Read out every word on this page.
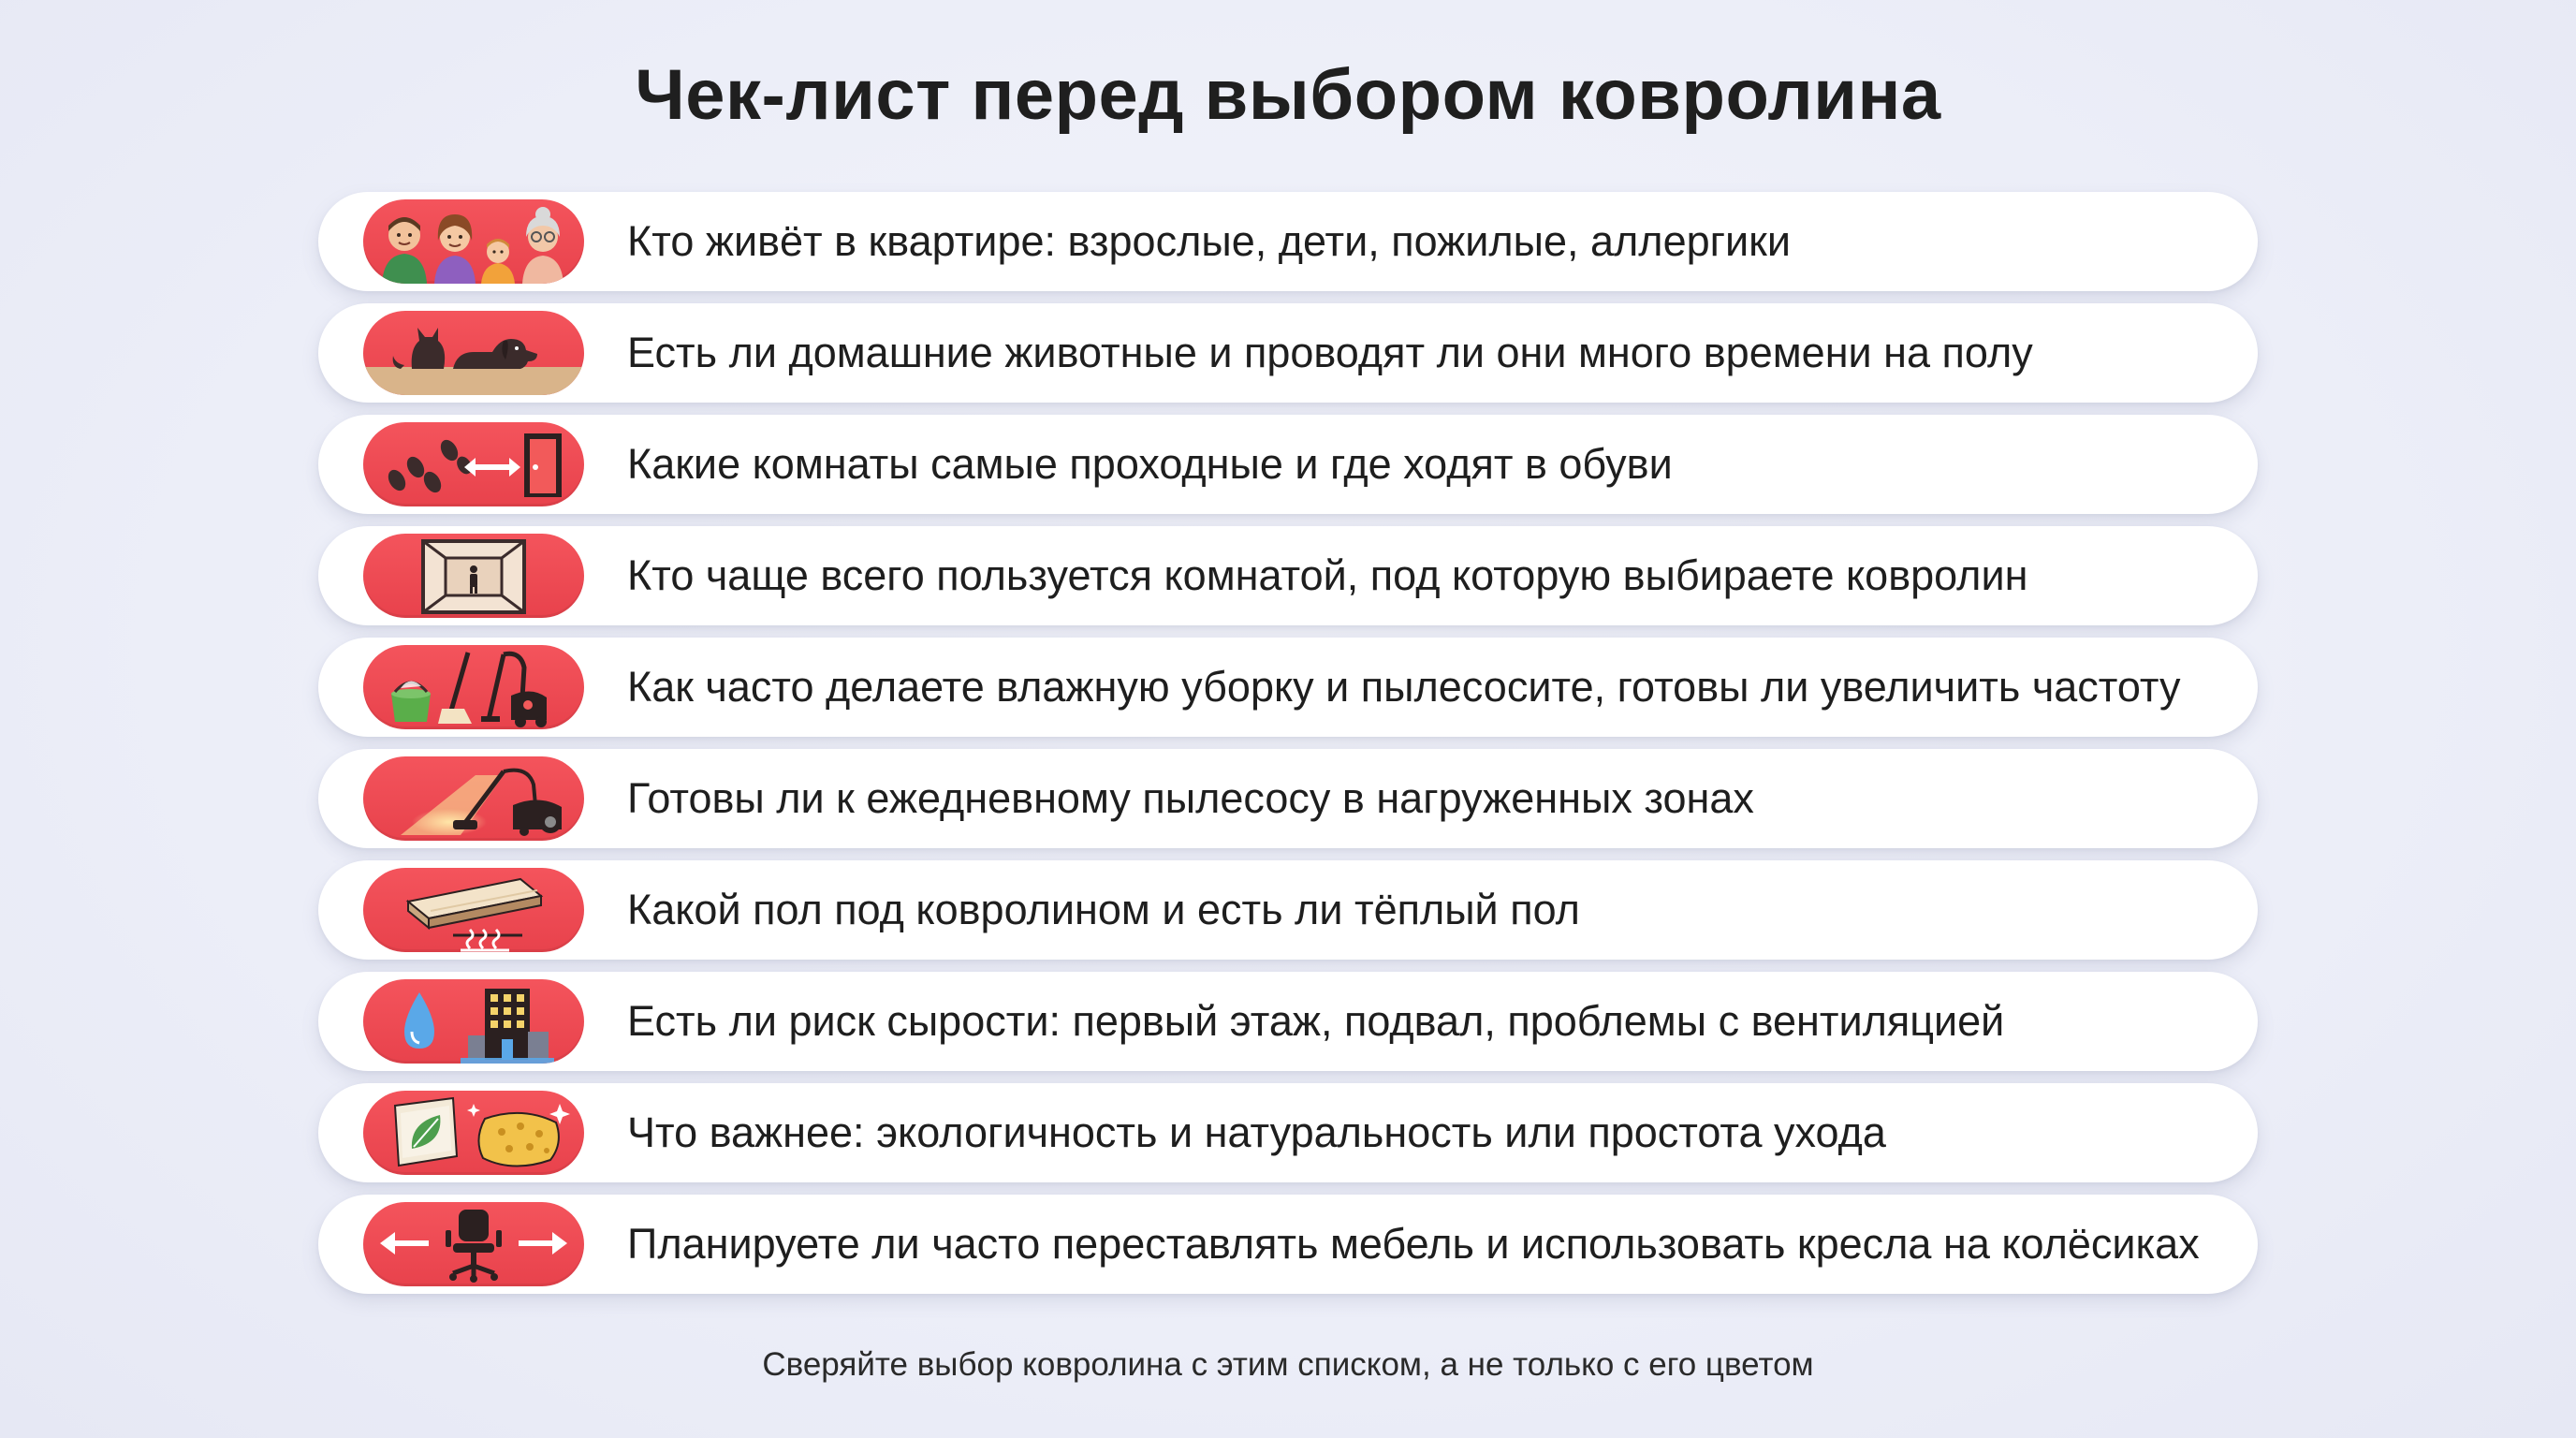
Чек-лист перед выбором ковролина
Кто живёт в квартире: взрослые, дети, пожилые, аллергики
Есть ли домашние животные и проводят ли они много времени на полу
Какие комнаты самые проходные и где ходят в обуви
Кто чаще всего пользуется комнатой, под которую выбираете ковролин
Как часто делаете влажную уборку и пылесосите, готовы ли увеличить частоту
Готовы ли к ежедневному пылесосу в нагруженных зонах
Какой пол под ковролином и есть ли тёплый пол
Есть ли риск сырости: первый этаж, подвал, проблемы с вентиляцией
Что важнее: экологичность и натуральность или простота ухода
Планируете ли часто переставлять мебель и использовать кресла на колёсиках
Сверяйте выбор ковролина с этим списком, а не только с его цветом
